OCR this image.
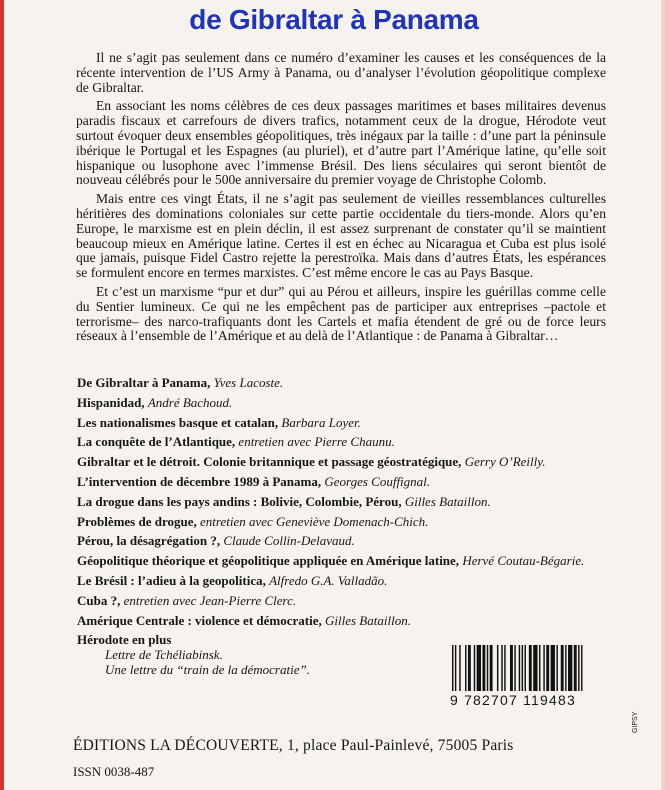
de Gibraltar à Panama

Il ne s’agit pas seulement dans ce numéro d’examiner les causes et les conséquences de la récente intervention de l’US Army à Panama, ou d’analyser l’évolution géopolitique complexe de Gibraltar.

En associant les noms célèbres de ces deux passages maritimes et bases militaires devenus paradis fiscaux et carrefours de divers trafics, notamment ceux de la drogue, Hérodote veut surtout évoquer deux ensembles géopolitiques, très inégaux par la taille : d’une part la péninsule ibérique le Portugal et les Espagnes (au pluriel), et d’autre part l’Amérique latine, qu’elle soit hispanique ou lusophone avec l’immense Brésil. Des liens séculaires qui seront bientôt de nouveau célébrés pour le 500e anniversaire du premier voyage de Christophe Colomb.

Mais entre ces vingt États, il ne s’agit pas seulement de vieilles ressemblances culturelles héritières des dominations coloniales sur cette partie occidentale du tiers-monde. Alors qu’en Europe, le marxisme est en plein déclin, il est assez surprenant de constater qu’il se maintient beaucoup mieux en Amérique latine. Certes il est en échec au Nicaragua et Cuba est plus isolé que jamais, puisque Fidel Castro rejette la perestroïka. Mais dans d’autres États, les espérances se formulent encore en termes marxistes. C’est même encore le cas au Pays Basque.

Et c’est un marxisme “pur et dur” qui au Pérou et ailleurs, inspire les guérillas comme celle du Sentier lumineux. Ce qui ne les empêchent pas de participer aux entreprises –pactole et terrorisme– des narco-trafiquants dont les Cartels et mafia étendent de gré ou de force leurs réseaux à l’ensemble de l’Amérique et au delà de l’Atlantique : de Panama à Gibraltar…

De Gibraltar à Panama, Yves Lacoste.
Hispanidad, André Bachoud.
Les nationalismes basque et catalan, Barbara Loyer.
La conquête de l’Atlantique, entretien avec Pierre Chaunu.
Gibraltar et le détroit. Colonie britannique et passage géostratégique, Gerry O’Reilly.
L’intervention de décembre 1989 à Panama, Georges Couffignal.
La drogue dans les pays andins : Bolivie, Colombie, Pérou, Gilles Bataillon.
Problèmes de drogue, entretien avec Geneviève Domenach-Chich.
Pérou, la désagrégation ?, Claude Collin-Delavaud.
Géopolitique théorique et géopolitique appliquée en Amérique latine, Hervé Coutau-Bégarie.
Le Brésil : l’adieu à la geopolitica, Alfredo G.A. Valladão.
Cuba ?, entretien avec Jean-Pierre Clerc.
Amérique Centrale : violence et démocratie, Gilles Bataillon.
Hérodote en plus
Lettre de Tchéliabinsk.
Une lettre du “train de la démocratie”.
9 782707 119483
ÉDITIONS LA DÉCOUVERTE, 1, place Paul-Painlevé, 75005 Paris
ISSN 0038-487
GIPSY
